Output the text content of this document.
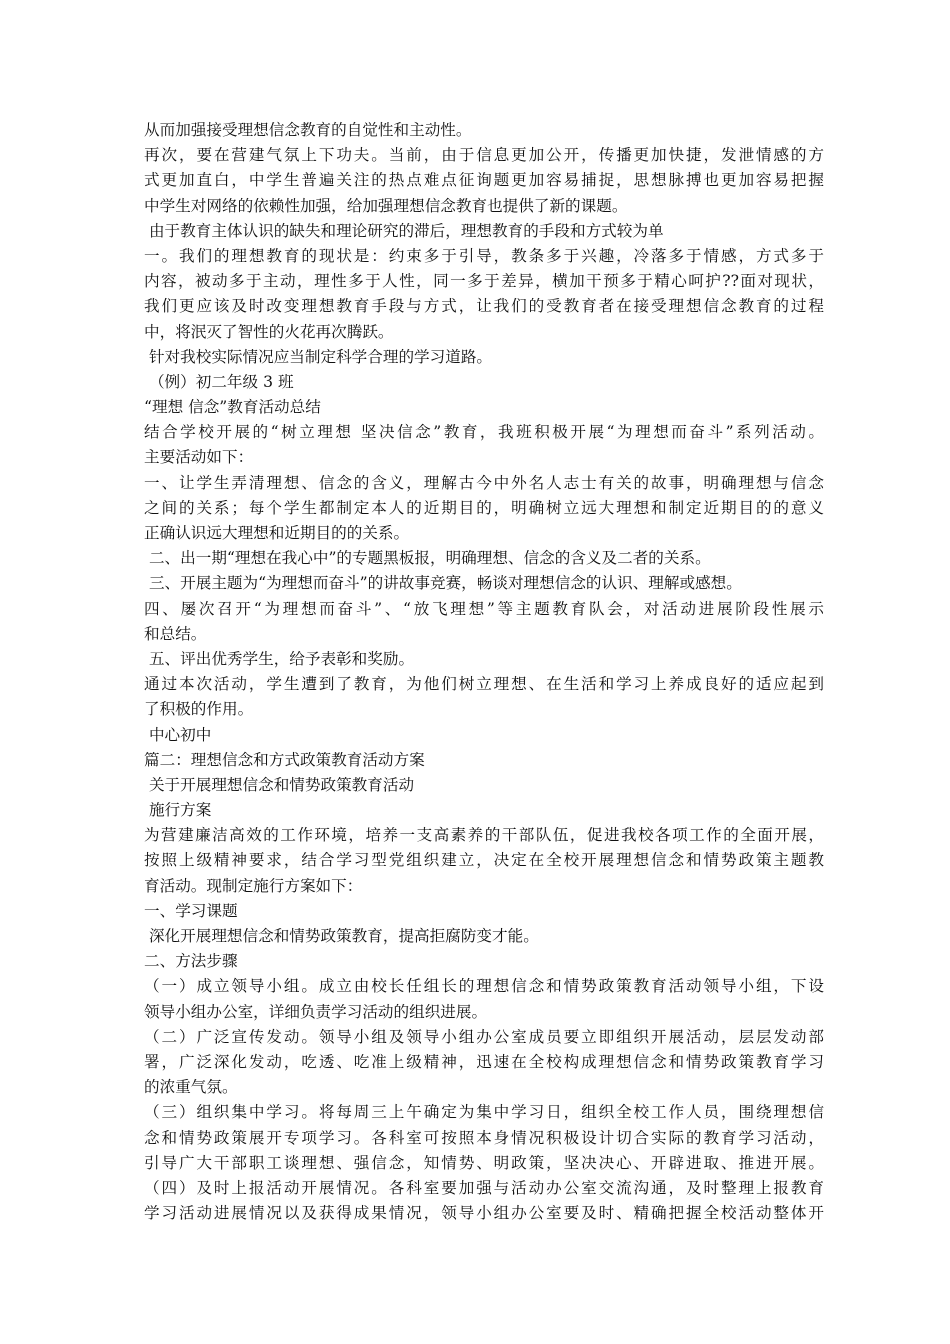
从而加强接受理想信念教育的自觉性和主动性。
再次，要在营建气氛上下功夫。当前，由于信息更加公开，传播更加快捷，发泄情感的方
式更加直白，中学生普遍关注的热点难点征询题更加容易捕捉，思想脉搏也更加容易把握
中学生对网络的依赖性加强，给加强理想信念教育也提供了新的课题。
由于教育主体认识的缺失和理论研究的滞后，理想教育的手段和方式较为单
一。我们的理想教育的现状是：约束多于引导，教条多于兴趣，冷落多于情感，方式多于
内容，被动多于主动，理性多于人性，同一多于差异，横加干预多于精心呵护??面对现状，
我们更应该及时改变理想教育手段与方式，让我们的受教育者在接受理想信念教育的过程
中，将泯灭了智性的火花再次腾跃。
针对我校实际情况应当制定科学合理的学习道路。
（例）初二年级 3 班
“理想 信念”教育活动总结
结合学校开展的“树立理想 坚决信念”教育，我班积极开展“为理想而奋斗”系列活动。
主要活动如下：
一、让学生弄清理想、信念的含义，理解古今中外名人志士有关的故事，明确理想与信念
之间的关系；每个学生都制定本人的近期目的，明确树立远大理想和制定近期目的的意义
正确认识远大理想和近期目的的关系。
二、出一期“理想在我心中”的专题黑板报，明确理想、信念的含义及二者的关系。
三、开展主题为“为理想而奋斗”的讲故事竞赛，畅谈对理想信念的认识、理解或感想。
四、屡次召开“为理想而奋斗”、“放飞理想”等主题教育队会，对活动进展阶段性展示
和总结。
五、评出优秀学生，给予表彰和奖励。
通过本次活动，学生遭到了教育，为他们树立理想、在生活和学习上养成良好的适应起到
了积极的作用。
中心初中
篇二：理想信念和方式政策教育活动方案
关于开展理想信念和情势政策教育活动
施行方案
为营建廉洁高效的工作环境，培养一支高素养的干部队伍，促进我校各项工作的全面开展，
按照上级精神要求，结合学习型党组织建立，决定在全校开展理想信念和情势政策主题教
育活动。现制定施行方案如下：
一、学习课题
深化开展理想信念和情势政策教育，提高拒腐防变才能。
二、方法步骤
（一）成立领导小组。成立由校长任组长的理想信念和情势政策教育活动领导小组，下设
领导小组办公室，详细负责学习活动的组织进展。
（二）广泛宣传发动。领导小组及领导小组办公室成员要立即组织开展活动，层层发动部
署，广泛深化发动，吃透、吃准上级精神，迅速在全校构成理想信念和情势政策教育学习
的浓重气氛。
（三）组织集中学习。将每周三上午确定为集中学习日，组织全校工作人员，围绕理想信
念和情势政策展开专项学习。各科室可按照本身情况积极设计切合实际的教育学习活动，
引导广大干部职工谈理想、强信念，知情势、明政策，坚决决心、开辟进取、推进开展。
（四）及时上报活动开展情况。各科室要加强与活动办公室交流沟通，及时整理上报教育
学习活动进展情况以及获得成果情况，领导小组办公室要及时、精确把握全校活动整体开
